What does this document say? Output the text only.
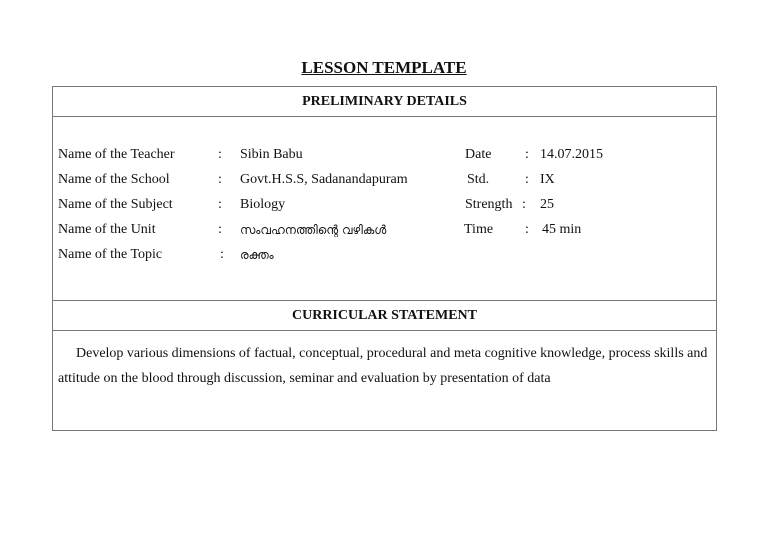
LESSON TEMPLATE
PRELIMINARY DETAILS
Name of the Teacher	: Sibin Babu	Date : 14.07.2015
Name of the School	: Govt.H.S.S, Sadanandapuram	Std.	: IX
Name of the Subject	: Biology	Strength : 25
Name of the Unit	: സംവഹനത്തിന്റെ വഴികൾ	Time : 45 min
Name of the Topic	: രക്തം
CURRICULAR STATEMENT
Develop various dimensions of factual, conceptual, procedural and meta cognitive knowledge, process skills and attitude on the blood through discussion, seminar and evaluation by presentation of data
